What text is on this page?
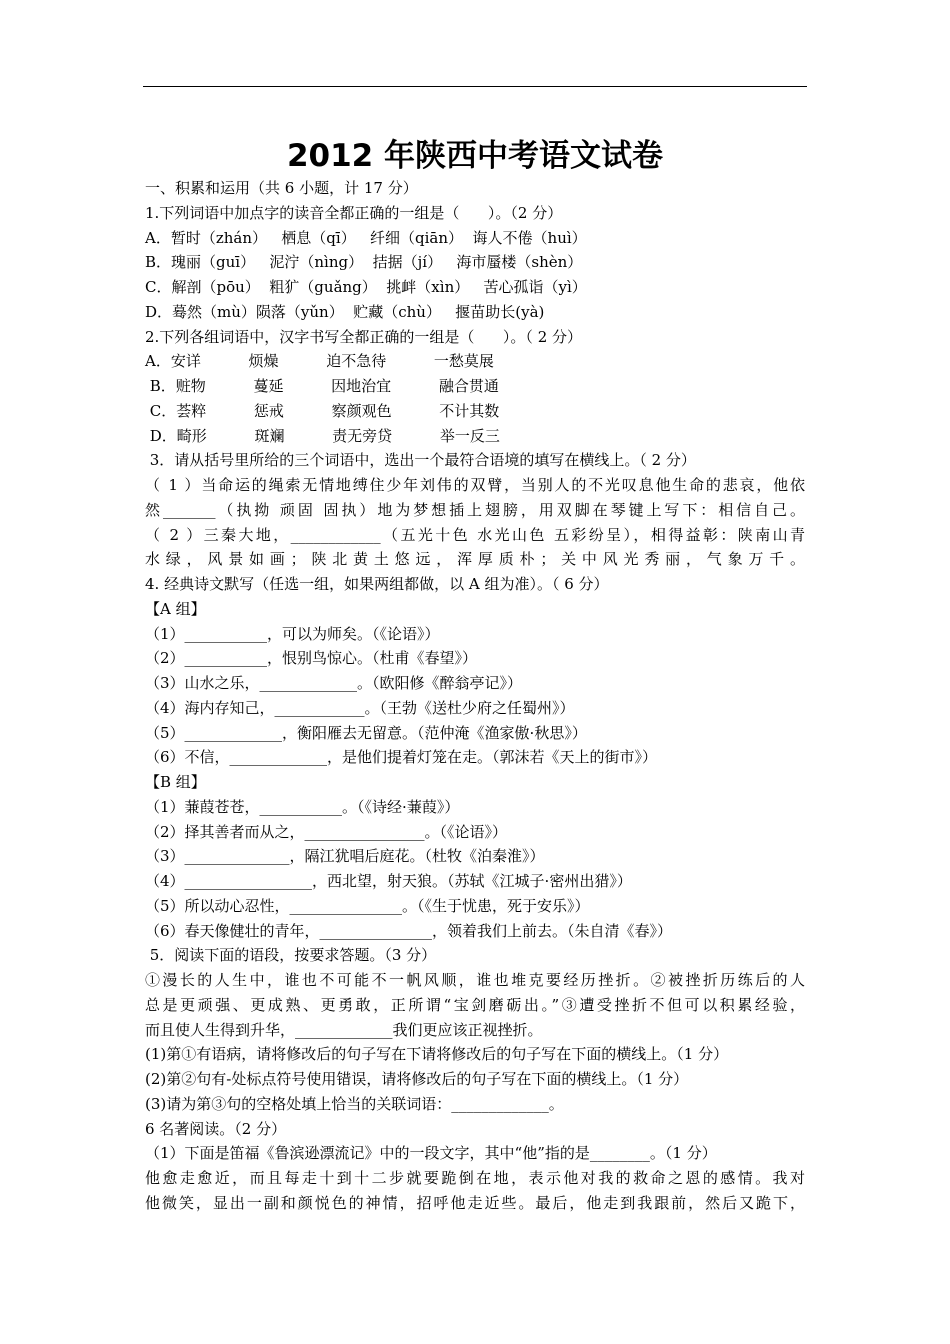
2012 年陕西中考语文试卷
一、积累和运用（共 6 小题，计 17 分）
1.下列词语中加点字的读音全都正确的一组是（      ）。（2 分）
A．暂时（zhán）   栖息（qī）   纤细（qiān）  诲人不倦（huì）
B．瑰丽（guī）   泥泞（nìng）  拮据（jí）   海市蜃楼（shèn）
C．解剖（pōu）  粗犷（guǎng）  挑衅（xìn）   苦心孤诣（yì）
D．蓦然（mù）陨落（yǔn）  贮藏（chù）   揠苗助长(yà)
2.下列各组词语中，汉字书写全都正确的一组是（      ）。（ 2 分）
A．安详          烦燥          迫不急待          一愁莫展
B．赃物          蔓延          因地治宜          融合贯通
C．荟粹          惩戒          察颜观色          不计其数
D．畸形          斑斓          责无旁贷          举一反三
3．请从括号里所给的三个词语中，选出一个最符合语境的填写在横线上。（ 2 分）
（ 1 ）当命运的绳索无情地缚住少年刘伟的双臂，当别人的不光叹息他生命的悲哀，他依
然_______（执拗 顽固 固执）地为梦想插上翅膀，用双脚在琴键上写下：相信自己。
（ 2 ）三秦大地，____________（五光十色 水光山色 五彩纷呈），相得益彰：陕南山青
水绿，风景如画；陕北黄土悠远，浑厚质朴；关中风光秀丽，气象万千。
4. 经典诗文默写（任选一组，如果两组都做，以 A 组为准）。（ 6 分）
【A 组】
（1）___________，可以为师矣。（《论语》）
（2）___________，恨别鸟惊心。（杜甫《春望》）
（3）山水之乐，_____________。（欧阳修《醉翁亭记》）
（4）海内存知己，____________。（王勃《送杜少府之任蜀州》）
（5）_____________，衡阳雁去无留意。（范仲淹《渔家傲·秋思》）
（6）不信，_____________，是他们提着灯笼在走。（郭沫若《天上的街市》）
【B 组】
（1）蒹葭苍苍，___________。（《诗经·蒹葭》）
（2）择其善者而从之，________________。（《论语》）
（3）______________，隔江犹唱后庭花。（杜牧《泊秦淮》）
（4）_________________，西北望，射天狼。（苏轼《江城子·密州出猎》）
（5）所以动心忍性，_______________。（《生于忧患，死于安乐》）
（6）春天像健壮的青年，_______________，领着我们上前去。（朱自清《春》）
5．阅读下面的语段，按要求答题。（3 分）
①漫长的人生中，谁也不可能不一帆风顺，谁也堆克要经历挫折。②被挫折历练后的人
总是更顽强、更成熟、更勇敢，正所谓“宝剑磨砺出。”③遭受挫折不但可以积累经验，
而且使人生得到升华，_____________我们更应该正视挫折。
(1)第①有语病，请将修改后的句子写在下请将修改后的句子写在下面的横线上。（1 分）
(2)第②句有-处标点符号使用错误，请将修改后的句子写在下面的横线上。（1 分）
(3)请为第③句的空格处填上恰当的关联词语：_____________。
6 名著阅读。（2 分）
（1）下面是笛福《鲁滨逊漂流记》中的一段文字，其中“他”指的是________。（1 分）
他愈走愈近，而且每走十到十二步就要跪倒在地，表示他对我的救命之恩的感情。我对
他微笑，显出一副和颜悦色的神情，招呼他走近些。最后，他走到我跟前，然后又跪下，
